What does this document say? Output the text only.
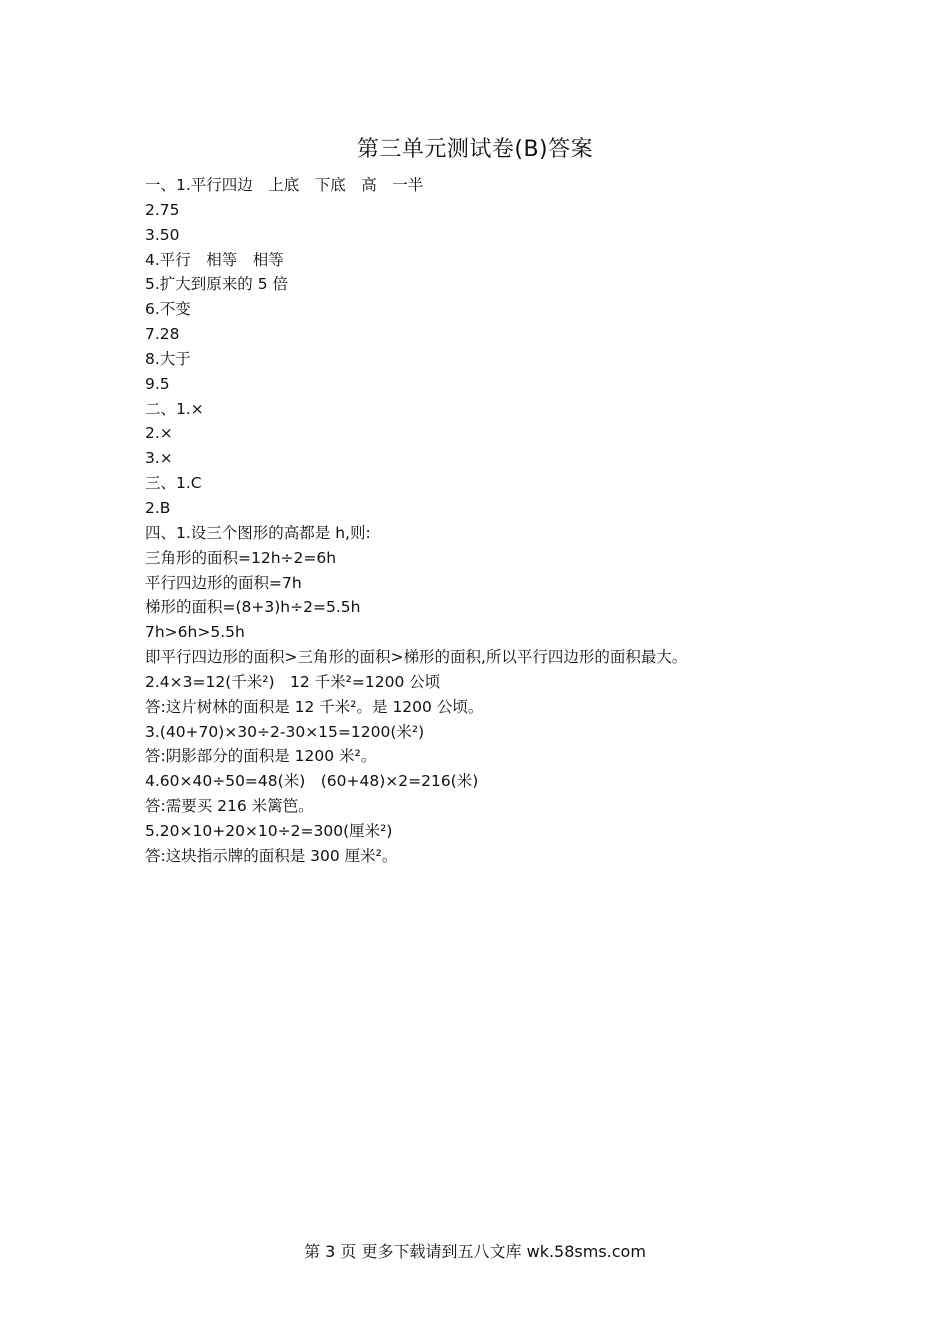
第三单元测试卷(B)答案
一、1.平行四边　上底　下底　高　一半
2.75
3.50
4.平行　相等　相等
5.扩大到原来的 5 倍
6.不变
7.28
8.大于
9.5
二、1.×
2.×
3.×
三、1.C
2.B
四、1.设三个图形的高都是 h,则:
三角形的面积=12h÷2=6h
平行四边形的面积=7h
梯形的面积=(8+3)h÷2=5.5h
7h>6h>5.5h
即平行四边形的面积>三角形的面积>梯形的面积,所以平行四边形的面积最大。
2.4×3=12(千米²)　12 千米²=1200 公顷
答:这片树林的面积是 12 千米²。是 1200 公顷。
3.(40+70)×30÷2-30×15=1200(米²)
答:阴影部分的面积是 1200 米²。
4.60×40÷50=48(米)　(60+48)×2=216(米)
答:需要买 216 米篱笆。
5.20×10+20×10÷2=300(厘米²)
答:这块指示牌的面积是 300 厘米²。
第 3 页 更多下载请到五八文库 wk.58sms.com
